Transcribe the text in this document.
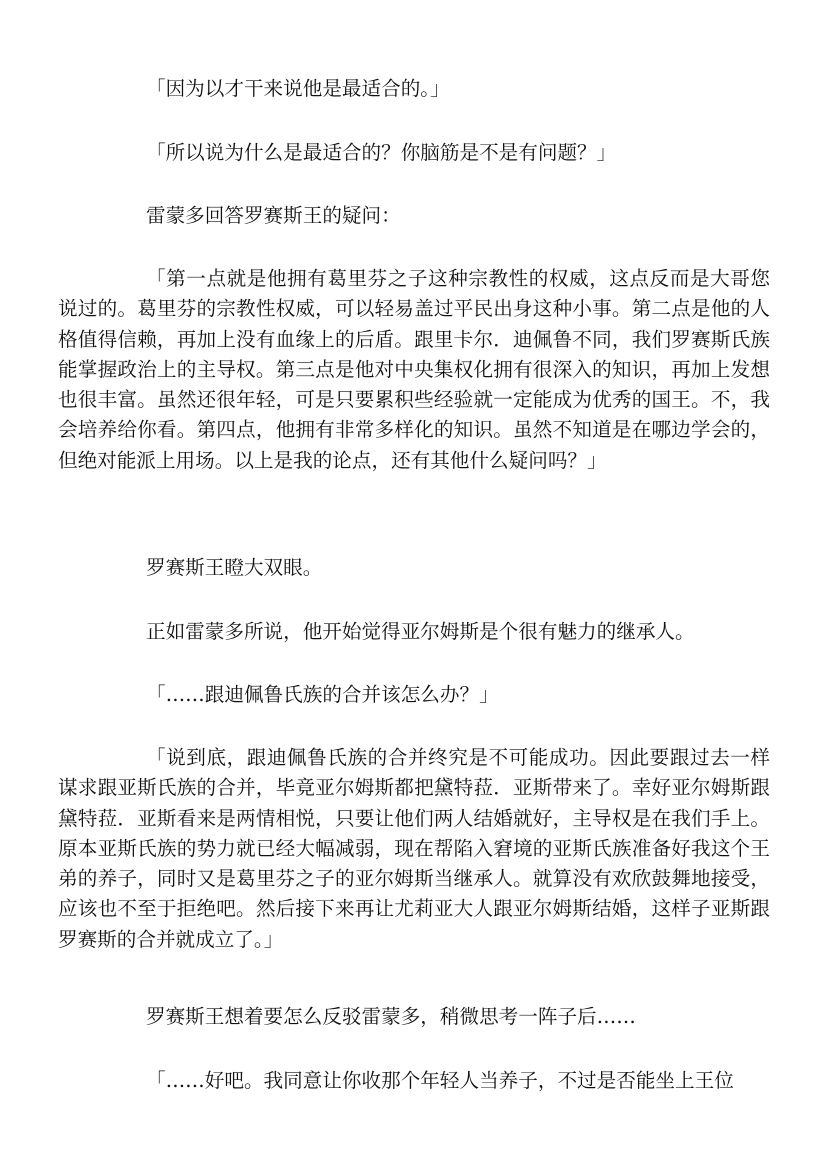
「因为以才干来说他是最适合的。」

「所以说为什么是最适合的？你脑筋是不是有问题？」

雷蒙多回答罗赛斯王的疑问：

「第一点就是他拥有葛里芬之子这种宗教性的权威，这点反而是大哥您说过的。葛里芬的宗教性权威，可以轻易盖过平民出身这种小事。第二点是他的人格值得信赖，再加上没有血缘上的后盾。跟里卡尔．迪佩鲁不同，我们罗赛斯氏族能掌握政治上的主导权。第三点是他对中央集权化拥有很深入的知识，再加上发想也很丰富。虽然还很年轻，可是只要累积些经验就一定能成为优秀的国王。不，我会培养给你看。第四点，他拥有非常多样化的知识。虽然不知道是在哪边学会的，但绝对能派上用场。以上是我的论点，还有其他什么疑问吗？」

罗赛斯王瞪大双眼。

正如雷蒙多所说，他开始觉得亚尔姆斯是个很有魅力的继承人。

「……跟迪佩鲁氏族的合并该怎么办？」

「说到底，跟迪佩鲁氏族的合并终究是不可能成功。因此要跟过去一样谋求跟亚斯氏族的合并，毕竟亚尔姆斯都把黛特菈．亚斯带来了。幸好亚尔姆斯跟黛特菈．亚斯看来是两情相悦，只要让他们两人结婚就好，主导权是在我们手上。原本亚斯氏族的势力就已经大幅减弱，现在帮陷入窘境的亚斯氏族准备好我这个王弟的养子，同时又是葛里芬之子的亚尔姆斯当继承人。就算没有欢欣鼓舞地接受，应该也不至于拒绝吧。然后接下来再让尤莉亚大人跟亚尔姆斯结婚，这样子亚斯跟罗赛斯的合并就成立了。」

罗赛斯王想着要怎么反驳雷蒙多，稍微思考一阵子后……

「……好吧。我同意让你收那个年轻人当养子，不过是否能坐上王位
